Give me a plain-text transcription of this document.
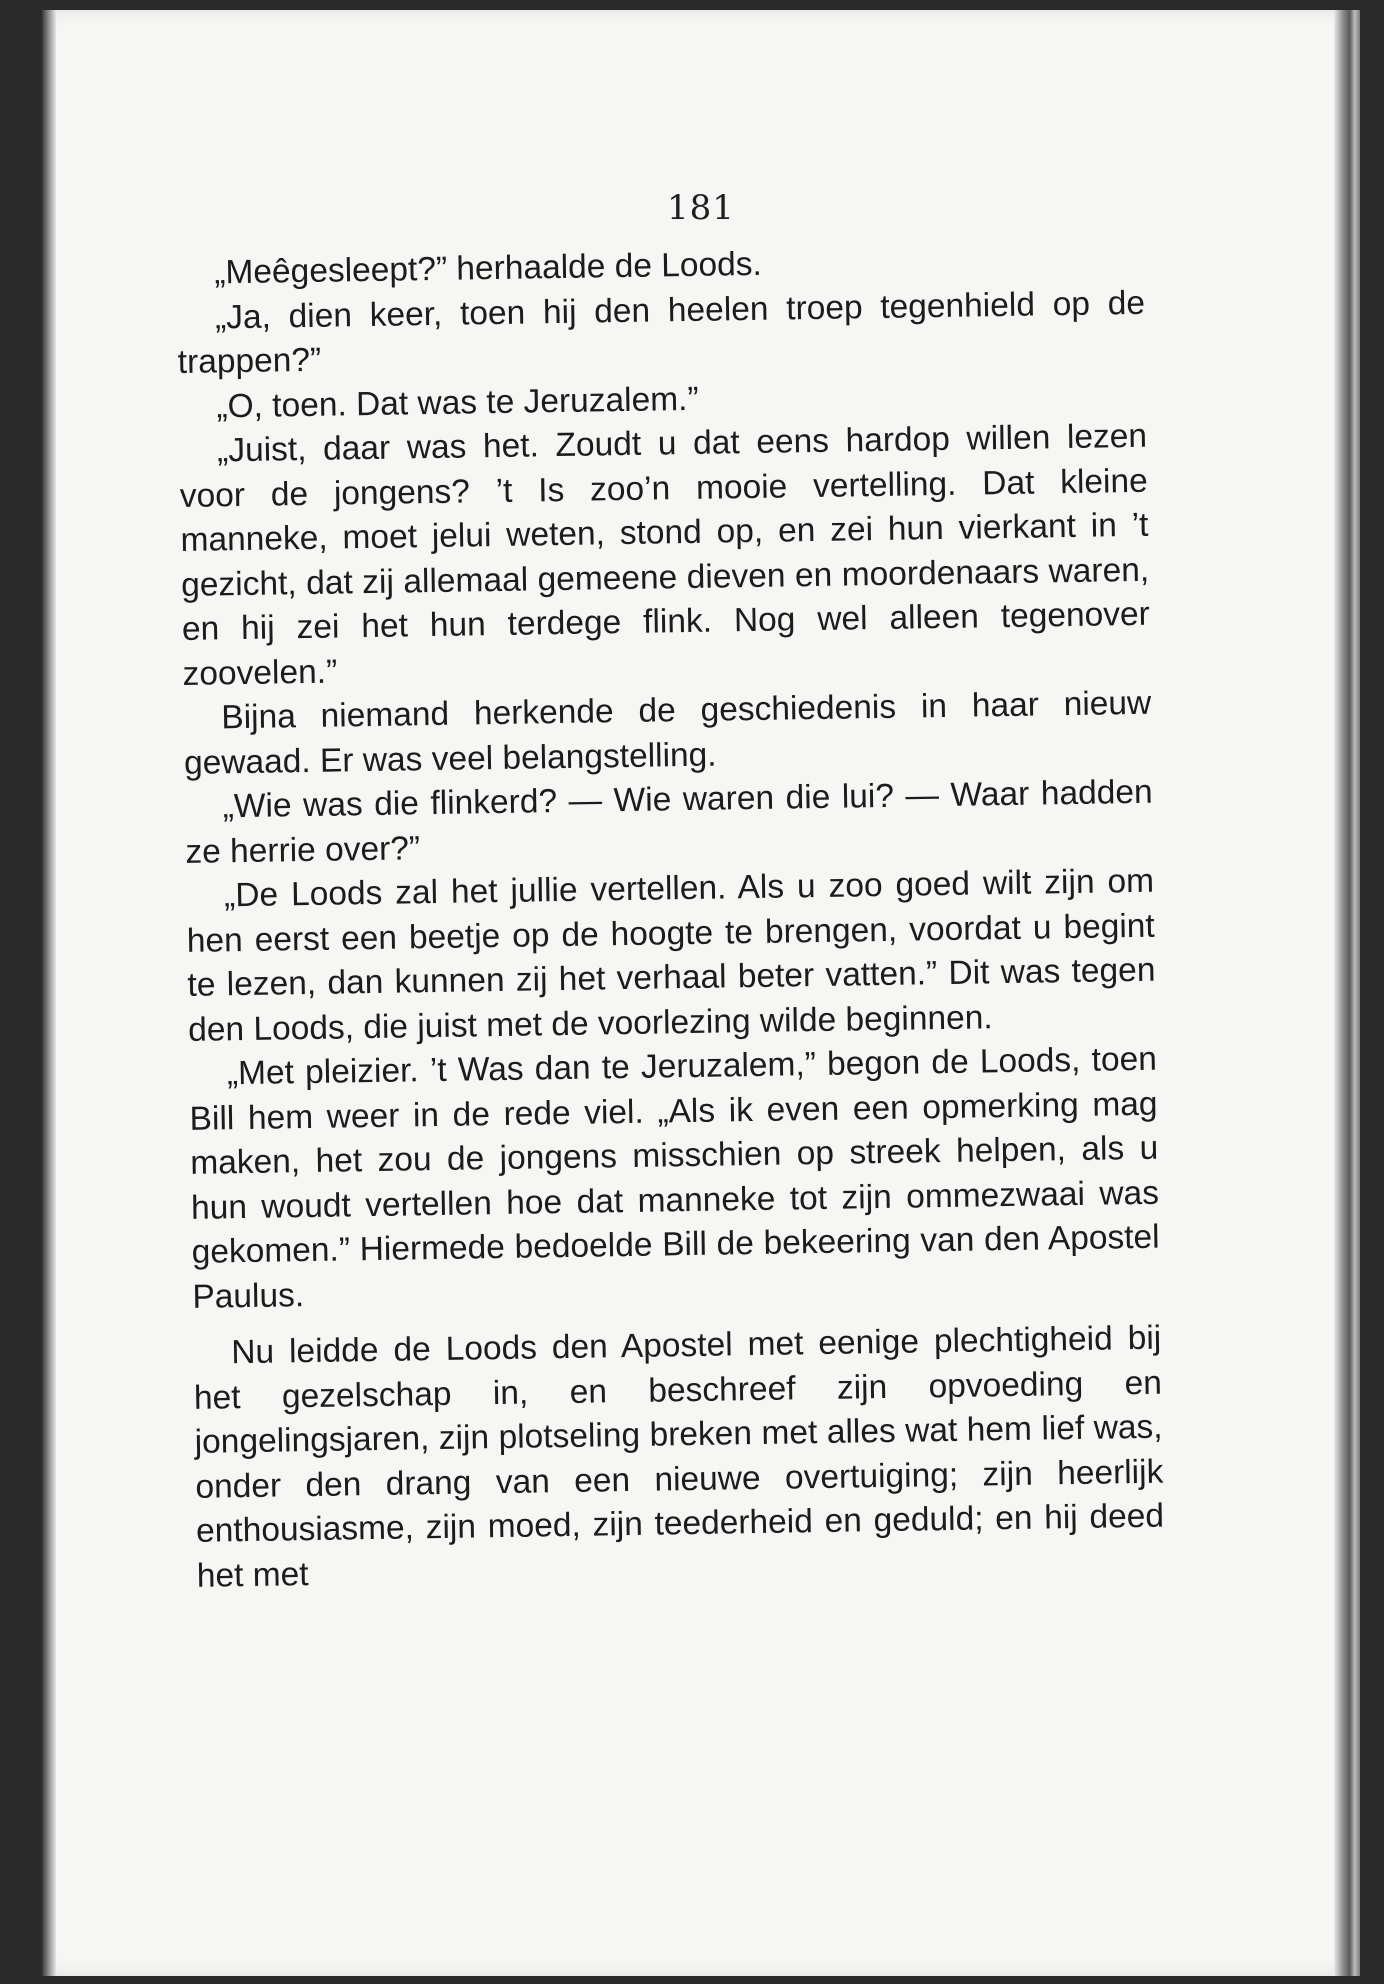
181

„Meêgesleept?” herhaalde de Loods.

„Ja, dien keer, toen hij den heelen troep tegenhield op de trappen?”

„O, toen. Dat was te Jeruzalem.”

„Juist, daar was het. Zoudt u dat eens hardop willen lezen voor de jongens? ’t Is zoo’n mooie vertelling. Dat kleine manneke, moet jelui weten, stond op, en zei hun vierkant in ’t gezicht, dat zij allemaal gemeene dieven en moordenaars waren, en hij zei het hun terdege flink. Nog wel alleen tegenover zoovelen.”

Bijna niemand herkende de geschiedenis in haar nieuw gewaad. Er was veel belangstelling.

„Wie was die flinkerd? — Wie waren die lui? — Waar hadden ze herrie over?”

„De Loods zal het jullie vertellen. Als u zoo goed wilt zijn om hen eerst een beetje op de hoogte te brengen, voordat u begint te lezen, dan kunnen zij het verhaal beter vatten.” Dit was tegen den Loods, die juist met de voorlezing wilde beginnen.

„Met pleizier. ’t Was dan te Jeruzalem,” begon de Loods, toen Bill hem weer in de rede viel. „Als ik even een opmerking mag maken, het zou de jongens misschien op streek helpen, als u hun woudt vertellen hoe dat manneke tot zijn ommezwaai was gekomen.” Hiermede bedoelde Bill de bekeering van den Apostel Paulus.

Nu leidde de Loods den Apostel met eenige plechtigheid bij het gezelschap in, en beschreef zijn opvoeding en jongelingsjaren, zijn plotseling breken met alles wat hem lief was, onder den drang van een nieuwe overtuiging; zijn heerlijk enthousiasme, zijn moed, zijn teederheid en geduld; en hij deed het met
